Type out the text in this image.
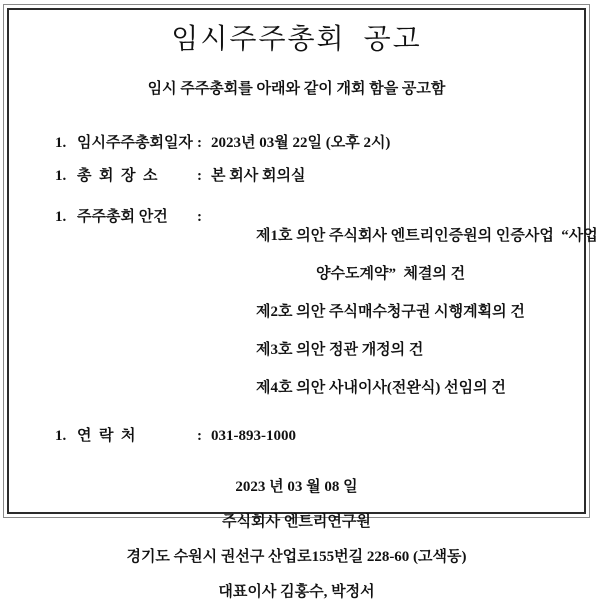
임시주주총회  공고

임시 주주총회를 아래와 같이 개회 함을 공고함

1. 임시주주총회일자 : 2023년 03월 22일 (오후 2시)
1. 총  회  장  소	: 본 회사 회의실
1. 주주총회 안건	:

제1호 의안 주식회사 엔트리인증원의 인증사업  “사업

양수도계약”  체결의 건

제2호 의안 주식매수청구권 시행계획의 건

제3호 의안 정관 개정의 건

제4호 의안 사내이사(전완식) 선임의 건

1. 연  락  처	: 031-893-1000

2023 년 03 월 08 일

주식회사 엔트리연구원

경기도 수원시 권선구 산업로155번길 228-60 (고색동)

대표이사 김홍수, 박정서
